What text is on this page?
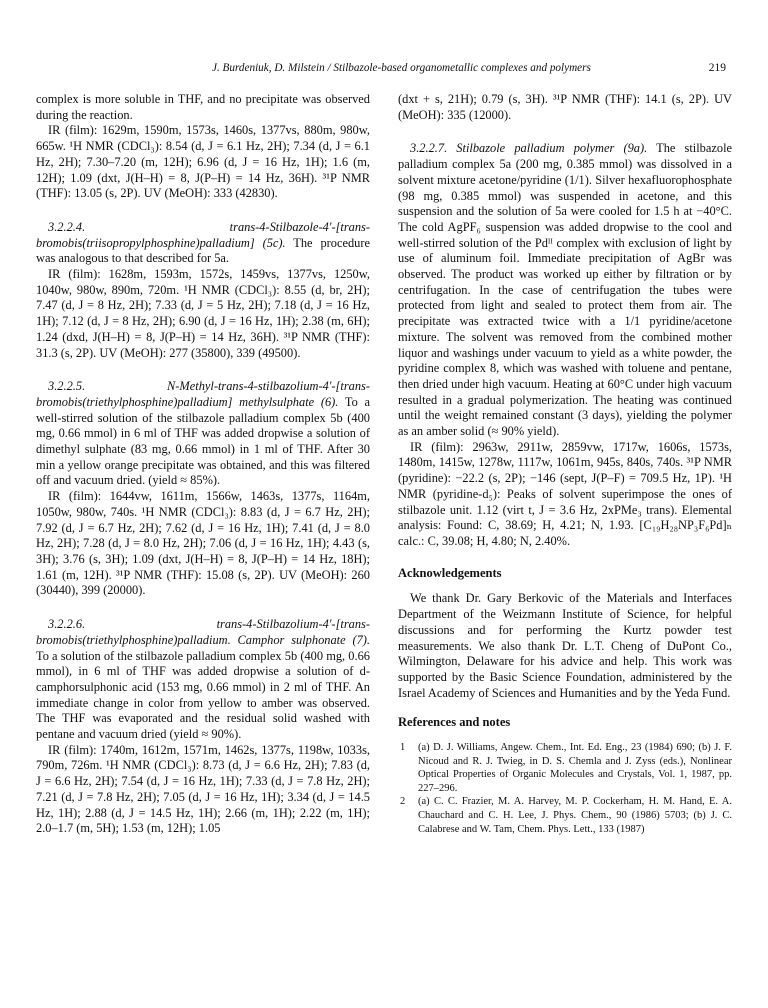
J. Burdeniuk, D. Milstein / Stilbazole-based organometallic complexes and polymers	219

complex is more soluble in THF, and no precipitate was observed during the reaction.

IR (film): 1629m, 1590m, 1573s, 1460s, 1377vs, 880m, 980w, 665w. ¹H NMR (CDCl₃): 8.54 (d, J = 6.1 Hz, 2H); 7.34 (d, J = 6.1 Hz, 2H); 7.30–7.20 (m, 12H); 6.96 (d, J = 16 Hz, 1H); 1.6 (m, 12H); 1.09 (dxt, J(H–H) = 8, J(P–H) = 14 Hz, 36H). ³¹P NMR (THF): 13.05 (s, 2P). UV (MeOH): 333 (42830).

3.2.2.4. trans-4-Stilbazole-4'-[trans-bromobis(triisopropylphosphine)palladium] (5c). The procedure was analogous to that described for 5a.

IR (film): 1628m, 1593m, 1572s, 1459vs, 1377vs, 1250w, 1040w, 980w, 890m, 720m. ¹H NMR (CDCl₃): 8.55 (d, br, 2H); 7.47 (d, J = 8 Hz, 2H); 7.33 (d, J = 5 Hz, 2H); 7.18 (d, J = 16 Hz, 1H); 7.12 (d, J = 8 Hz, 2H); 6.90 (d, J = 16 Hz, 1H); 2.38 (m, 6H); 1.24 (dxd, J(H–H) = 8, J(P–H) = 14 Hz, 36H). ³¹P NMR (THF): 31.3 (s, 2P). UV (MeOH): 277 (35800), 339 (49500).

3.2.2.5. N-Methyl-trans-4-stilbazolium-4'-[trans-bromobis(triethylphosphine)palladium] methylsulphate (6). To a well-stirred solution of the stilbazole palladium complex 5b (400 mg, 0.66 mmol) in 6 ml of THF was added dropwise a solution of dimethyl sulphate (83 mg, 0.66 mmol) in 1 ml of THF. After 30 min a yellow orange precipitate was obtained, and this was filtered off and vacuum dried. (yield ≈ 85%).

IR (film): 1644vw, 1611m, 1566w, 1463s, 1377s, 1164m, 1050w, 980w, 740s. ¹H NMR (CDCl₃): 8.83 (d, J = 6.7 Hz, 2H); 7.92 (d, J = 6.7 Hz, 2H); 7.62 (d, J = 16 Hz, 1H); 7.41 (d, J = 8.0 Hz, 2H); 7.28 (d, J = 8.0 Hz, 2H); 7.06 (d, J = 16 Hz, 1H); 4.43 (s, 3H); 3.76 (s, 3H); 1.09 (dxt, J(H–H) = 8, J(P–H) = 14 Hz, 18H); 1.61 (m, 12H). ³¹P NMR (THF): 15.08 (s, 2P). UV (MeOH): 260 (30440), 399 (20000).

3.2.2.6. trans-4-Stilbazolium-4'-[trans-bromobis(triethylphosphine)palladium. Camphor sulphonate (7). To a solution of the stilbazole palladium complex 5b (400 mg, 0.66 mmol), in 6 ml of THF was added dropwise a solution of d-camphorsulphonic acid (153 mg, 0.66 mmol) in 2 ml of THF. An immediate change in color from yellow to amber was observed. The THF was evaporated and the residual solid washed with pentane and vacuum dried (yield ≈ 90%).

IR (film): 1740m, 1612m, 1571m, 1462s, 1377s, 1198w, 1033s, 790m, 726m. ¹H NMR (CDCl₃): 8.73 (d, J = 6.6 Hz, 2H); 7.83 (d, J = 6.6 Hz, 2H); 7.54 (d, J = 16 Hz, 1H); 7.33 (d, J = 7.8 Hz, 2H); 7.21 (d, J = 7.8 Hz, 2H); 7.05 (d, J = 16 Hz, 1H); 3.34 (d, J = 14.5 Hz, 1H); 2.88 (d, J = 14.5 Hz, 1H); 2.66 (m, 1H); 2.22 (m, 1H); 2.0–1.7 (m, 5H); 1.53 (m, 12H); 1.05

(dxt + s, 21H); 0.79 (s, 3H). ³¹P NMR (THF): 14.1 (s, 2P). UV (MeOH): 335 (12000).

3.2.2.7. Stilbazole palladium polymer (9a). The stilbazole palladium complex 5a (200 mg, 0.385 mmol) was dissolved in a solvent mixture acetone/pyridine (1/1). Silver hexafluorophosphate (98 mg, 0.385 mmol) was suspended in acetone, and this suspension and the solution of 5a were cooled for 1.5 h at −40°C. The cold AgPF₆ suspension was added dropwise to the cool and well-stirred solution of the Pdᴵᴵ complex with exclusion of light by use of aluminum foil. Immediate precipitation of AgBr was observed. The product was worked up either by filtration or by centrifugation. In the case of centrifugation the tubes were protected from light and sealed to protect them from air. The precipitate was extracted twice with a 1/1 pyridine/acetone mixture. The solvent was removed from the combined mother liquor and washings under vacuum to yield as a white powder, the pyridine complex 8, which was washed with toluene and pentane, then dried under high vacuum. Heating at 60°C under high vacuum resulted in a gradual polymerization. The heating was continued until the weight remained constant (3 days), yielding the polymer as an amber solid (≈ 90% yield).

IR (film): 2963w, 2911w, 2859vw, 1717w, 1606s, 1573s, 1480m, 1415w, 1278w, 1117w, 1061m, 945s, 840s, 740s. ³¹P NMR (pyridine): −22.2 (s, 2P); −146 (sept, J(P–F) = 709.5 Hz, 1P). ¹H NMR (pyridine-d₅): Peaks of solvent superimpose the ones of stilbazole unit. 1.12 (virt t, J = 3.6 Hz, 2xPMe₃ trans). Elemental analysis: Found: C, 38.69; H, 4.21; N, 1.93. [C₁₉H₂₈NP₃F₆Pd]ₙ calc.: C, 39.08; H, 4.80; N, 2.40%.

Acknowledgements

We thank Dr. Gary Berkovic of the Materials and Interfaces Department of the Weizmann Institute of Science, for helpful discussions and for performing the Kurtz powder test measurements. We also thank Dr. L.T. Cheng of DuPont Co., Wilmington, Delaware for his advice and help. This work was supported by the Basic Science Foundation, administered by the Israel Academy of Sciences and Humanities and by the Yeda Fund.

References and notes
1 (a) D. J. Williams, Angew. Chem., Int. Ed. Eng., 23 (1984) 690; (b) J. F. Nicoud and R. J. Twieg, in D. S. Chemla and J. Zyss (eds.), Nonlinear Optical Properties of Organic Molecules and Crystals, Vol. 1, 1987, pp. 227–296.
2 (a) C. C. Frazier, M. A. Harvey, M. P. Cockerham, H. M. Hand, E. A. Chauchard and C. H. Lee, J. Phys. Chem., 90 (1986) 5703; (b) J. C. Calabrese and W. Tam, Chem. Phys. Lett., 133 (1987)
